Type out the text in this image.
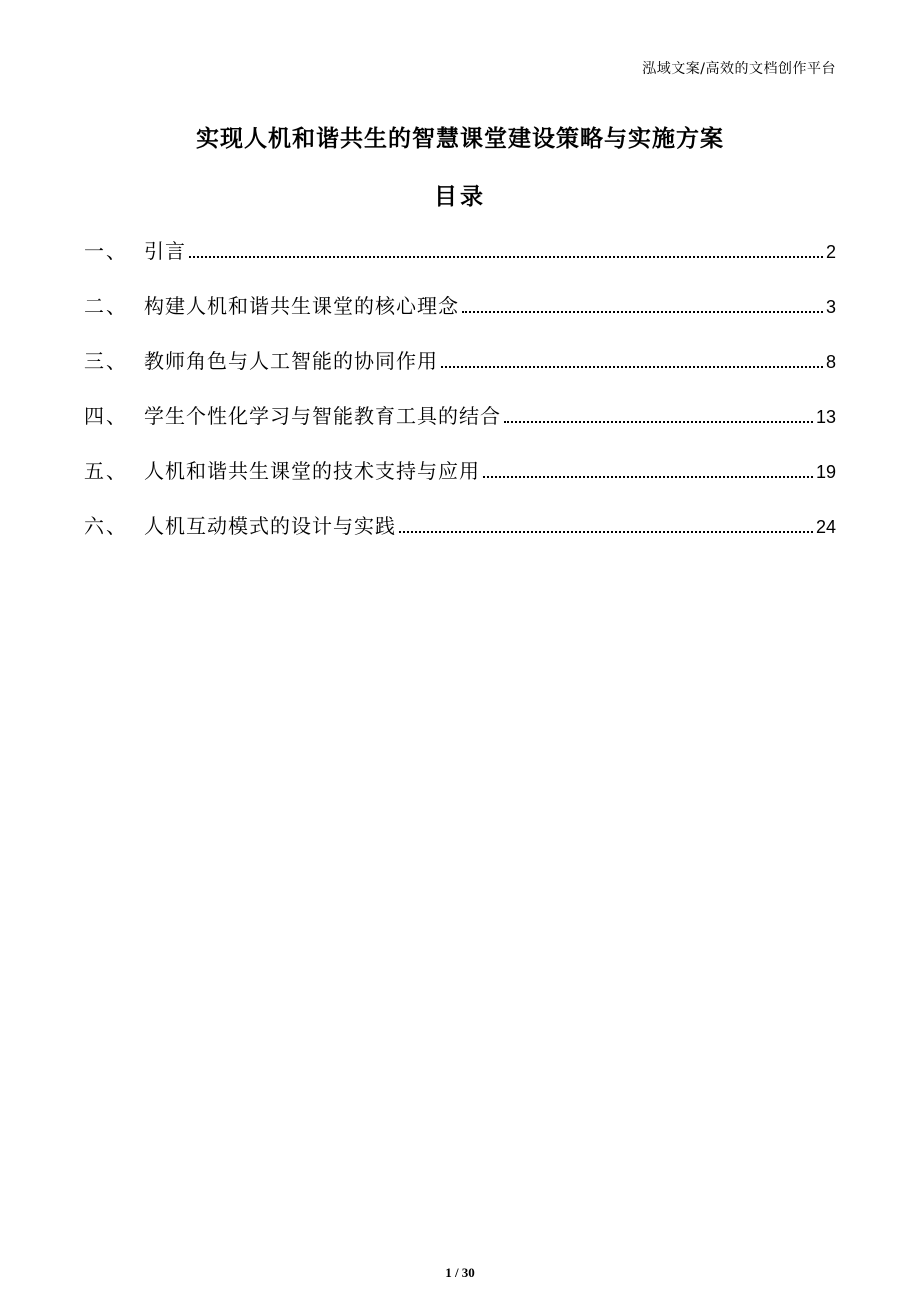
泓域文案/高效的文档创作平台
实现人机和谐共生的智慧课堂建设策略与实施方案
目录
一、 引言	2
二、 构建人机和谐共生课堂的核心理念	3
三、 教师角色与人工智能的协同作用	8
四、 学生个性化学习与智能教育工具的结合	13
五、 人机和谐共生课堂的技术支持与应用	19
六、 人机互动模式的设计与实践	24
1 / 30
